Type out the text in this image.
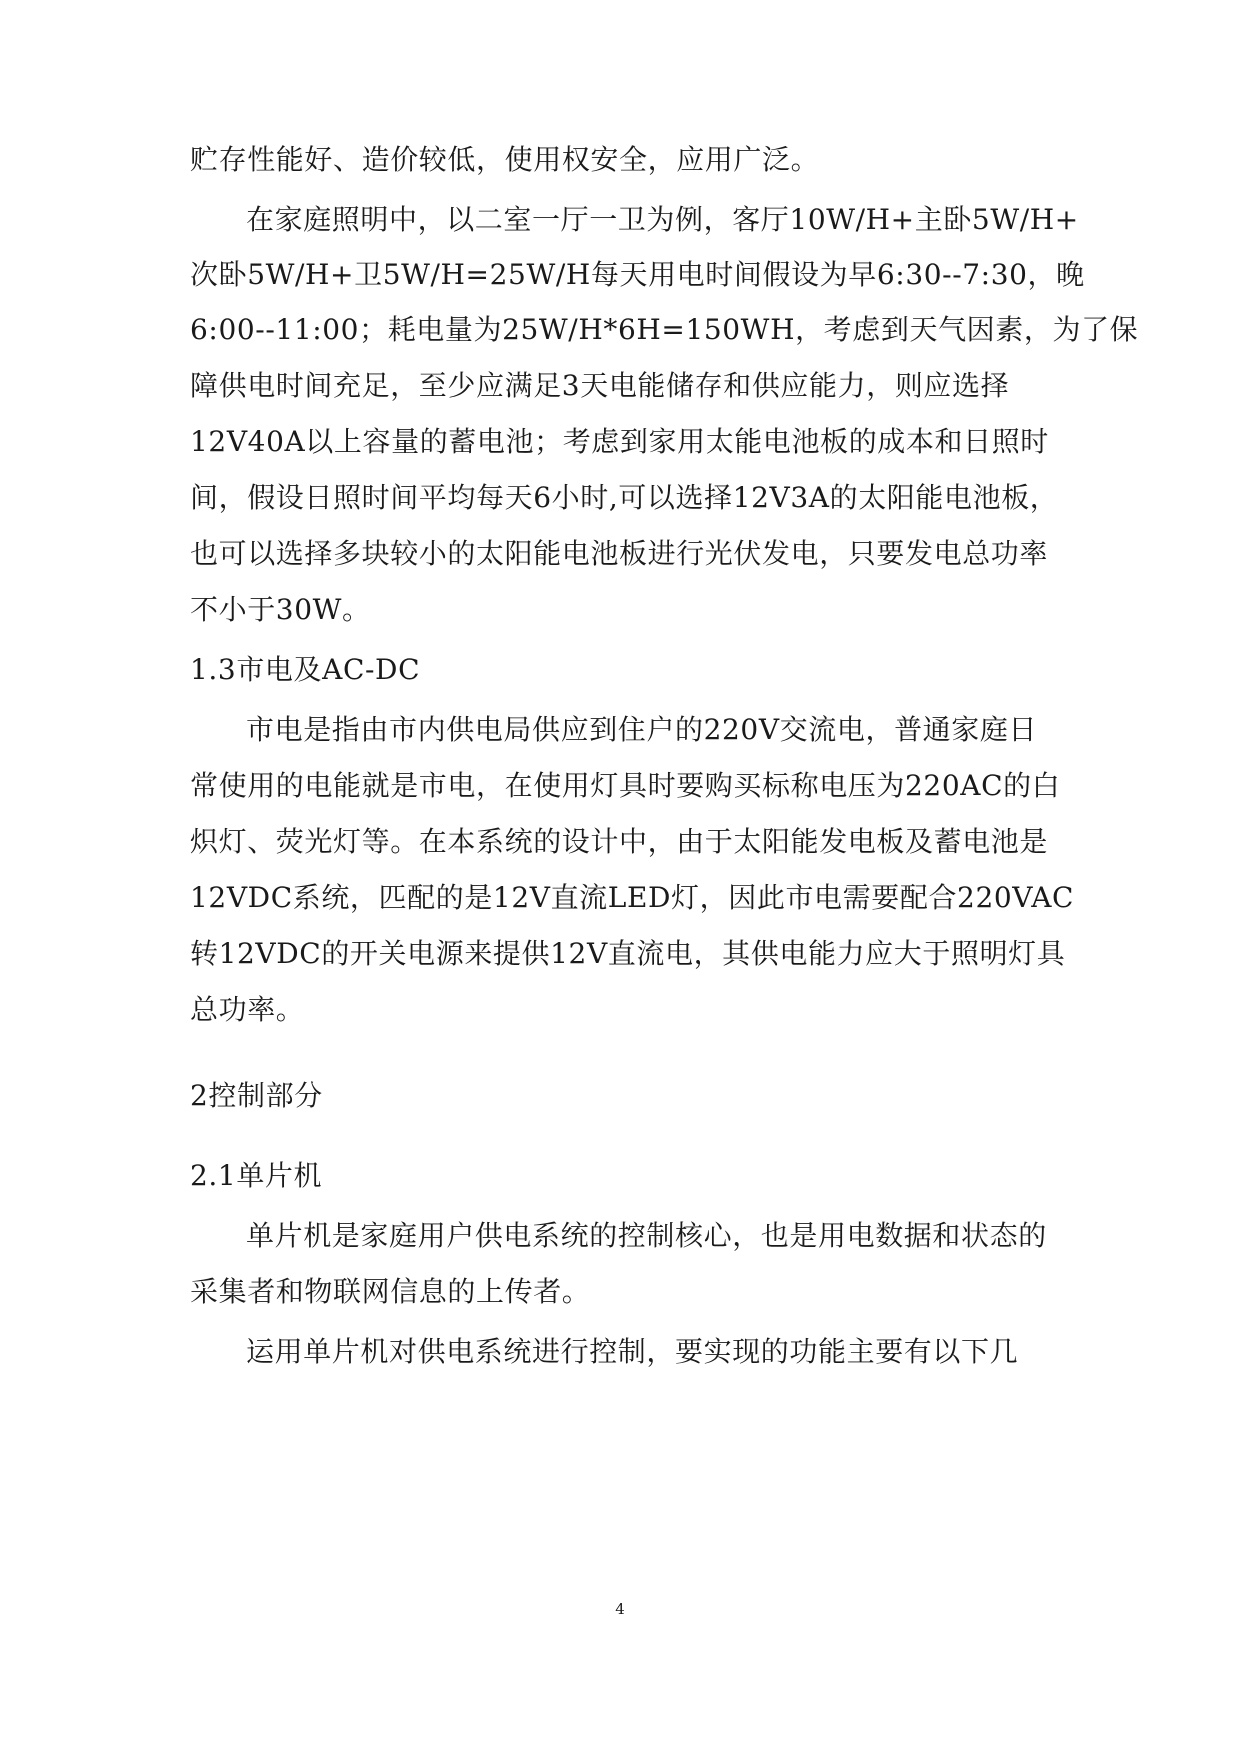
贮存性能好、造价较低，使用权安全，应用广泛。
在家庭照明中，以二室一厅一卫为例，客厅10W/H+主卧5W/H+
次卧5W/H+卫5W/H=25W/H每天用电时间假设为早6:30--7:30，晚
6:00--11:00；耗电量为25W/H*6H=150WH，考虑到天气因素，为了保
障供电时间充足，至少应满足3天电能储存和供应能力，则应选择
12V40A以上容量的蓄电池；考虑到家用太能电池板的成本和日照时
间，假设日照时间平均每天6小时,可以选择12V3A的太阳能电池板，
也可以选择多块较小的太阳能电池板进行光伏发电，只要发电总功率
不小于30W。
1.3市电及AC-DC
市电是指由市内供电局供应到住户的220V交流电，普通家庭日
常使用的电能就是市电，在使用灯具时要购买标称电压为220AC的白
炽灯、荧光灯等。在本系统的设计中，由于太阳能发电板及蓄电池是
12VDC系统，匹配的是12V直流LED灯，因此市电需要配合220VAC
转12VDC的开关电源来提供12V直流电，其供电能力应大于照明灯具
总功率。
2控制部分
2.1单片机
单片机是家庭用户供电系统的控制核心，也是用电数据和状态的
采集者和物联网信息的上传者。
运用单片机对供电系统进行控制，要实现的功能主要有以下几
4
